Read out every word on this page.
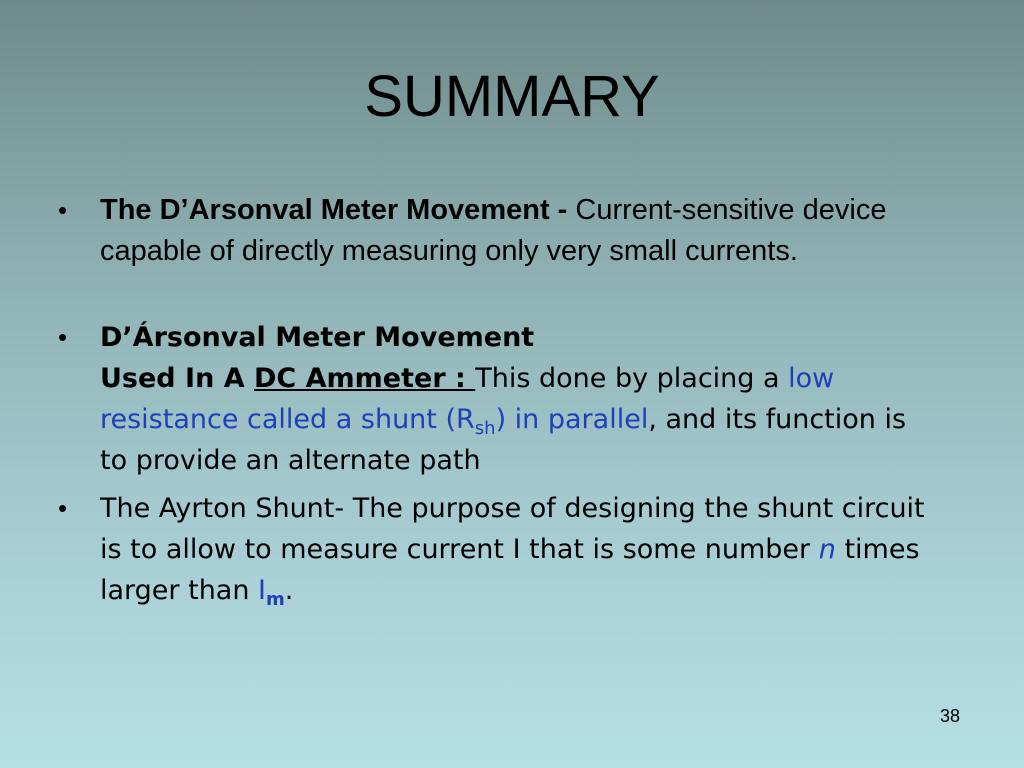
SUMMARY
• The D’Arsonval Meter Movement - Current-sensitive device capable of directly measuring only very small currents.
• D’Ársonval Meter Movement
Used In A DC Ammeter : This done by placing a low resistance called a shunt $(R_{sh})$ in parallel, and its function is to provide an alternate path
• The Ayrton Shunt- The purpose of designing the shunt circuit is to allow to measure current I that is some number n times larger than $I_m$.
38
